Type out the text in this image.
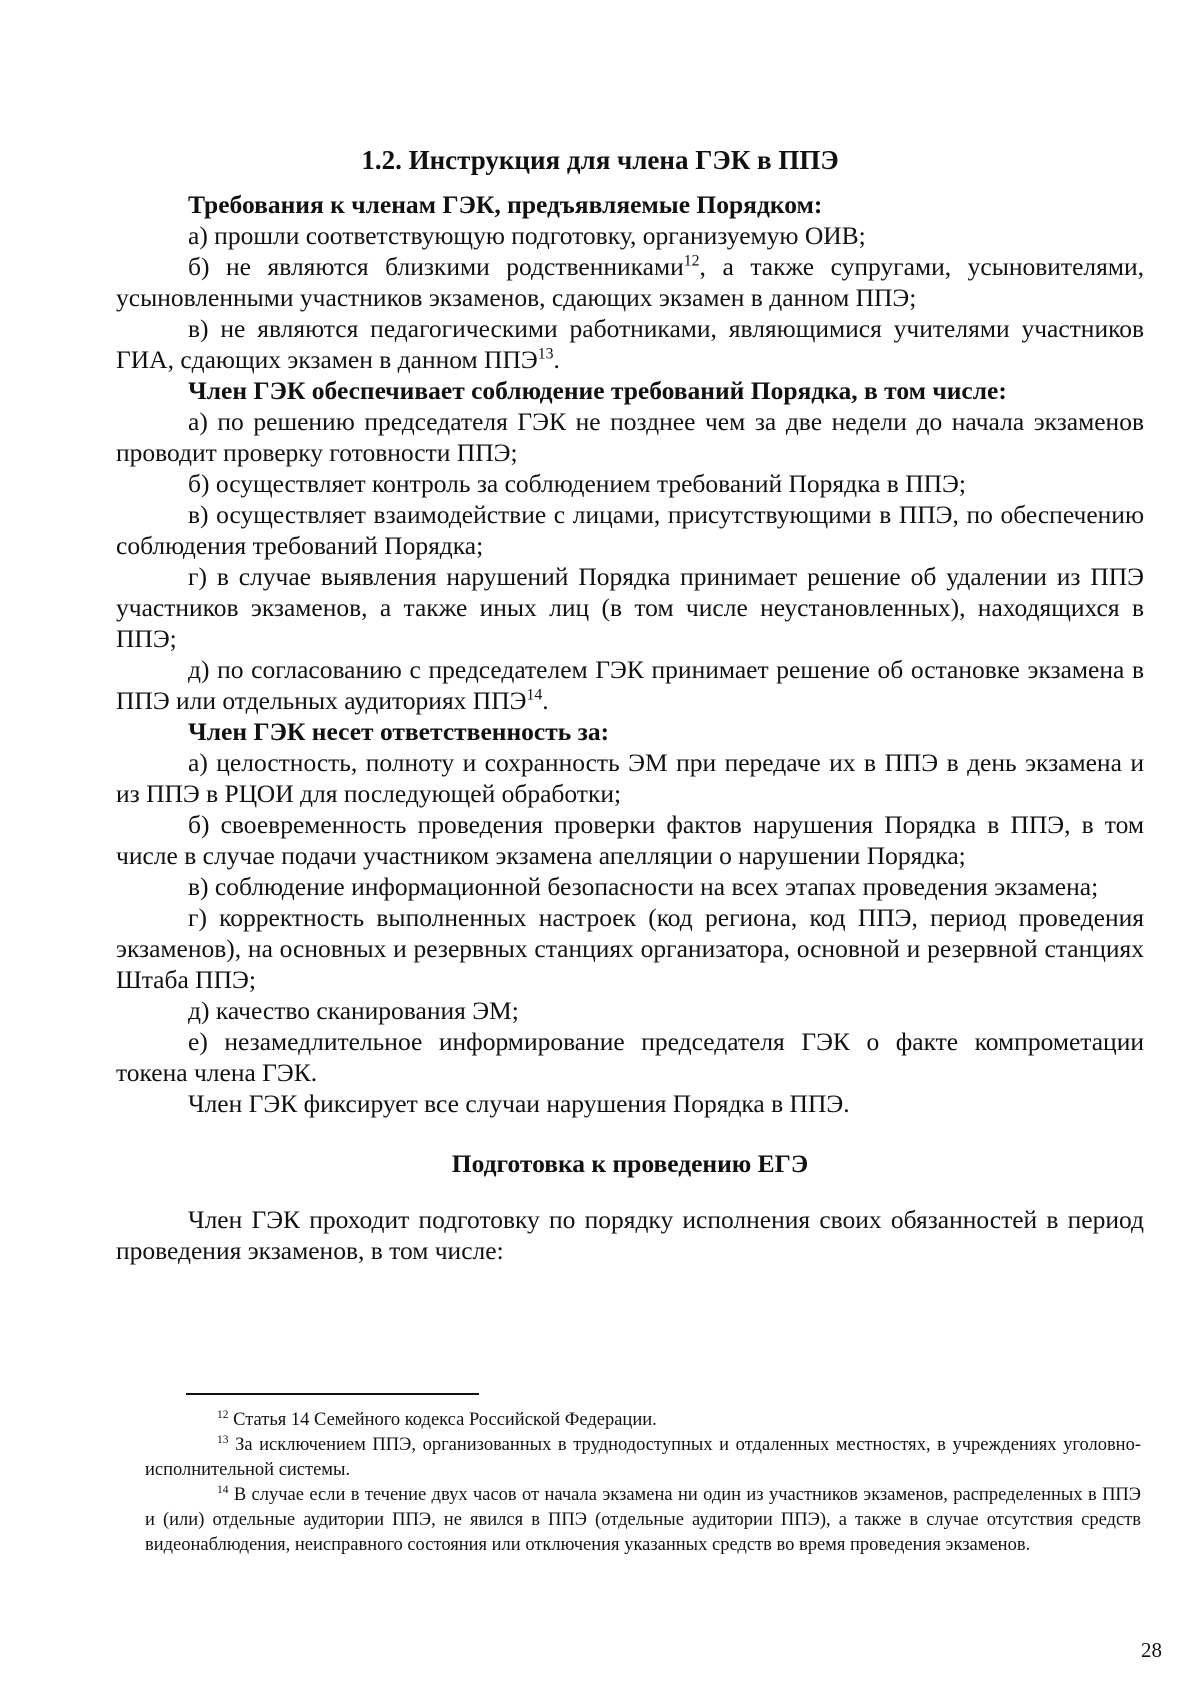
1.2. Инструкция для члена ГЭК в ППЭ

Требования к членам ГЭК, предъявляемые Порядком:

а) прошли соответствующую подготовку, организуемую ОИВ;

б) не являются близкими родственниками$^{12}$, а также супругами, усыновителями, усыновленными участников экзаменов, сдающих экзамен в данном ППЭ;

в) не являются педагогическими работниками, являющимися учителями участников ГИА, сдающих экзамен в данном ППЭ$^{13}$.

Член ГЭК обеспечивает соблюдение требований Порядка, в том числе:

а) по решению председателя ГЭК не позднее чем за две недели до начала экзаменов проводит проверку готовности ППЭ;

б) осуществляет контроль за соблюдением требований Порядка в ППЭ;

в) осуществляет взаимодействие с лицами, присутствующими в ППЭ, по обеспечению соблюдения требований Порядка;

г) в случае выявления нарушений Порядка принимает решение об удалении из ППЭ участников экзаменов, а также иных лиц (в том числе неустановленных), находящихся в ППЭ;

д) по согласованию с председателем ГЭК принимает решение об остановке экзамена в ППЭ или отдельных аудиториях ППЭ$^{14}$.

Член ГЭК несет ответственность за:

а) целостность, полноту и сохранность ЭМ при передаче их в ППЭ в день экзамена и из ППЭ в РЦОИ для последующей обработки;

б) своевременность проведения проверки фактов нарушения Порядка в ППЭ, в том числе в случае подачи участником экзамена апелляции о нарушении Порядка;

в) соблюдение информационной безопасности на всех этапах проведения экзамена;

г) корректность выполненных настроек (код региона, код ППЭ, период проведения экзаменов), на основных и резервных станциях организатора, основной и резервной станциях Штаба ППЭ;

д) качество сканирования ЭМ;

е) незамедлительное информирование председателя ГЭК о факте компрометации токена члена ГЭК.

Член ГЭК фиксирует все случаи нарушения Порядка в ППЭ.

Подготовка к проведению ЕГЭ

Член ГЭК проходит подготовку по порядку исполнения своих обязанностей в период проведения экзаменов, в том числе:

$^{12}$ Статья 14 Семейного кодекса Российской Федерации.

$^{13}$ За исключением ППЭ, организованных в труднодоступных и отдаленных местностях, в учреждениях уголовно-исполнительной системы.

$^{14}$ В случае если в течение двух часов от начала экзамена ни один из участников экзаменов, распределенных в ППЭ и (или) отдельные аудитории ППЭ, не явился в ППЭ (отдельные аудитории ППЭ), а также в случае отсутствия средств видеонаблюдения, неисправного состояния или отключения указанных средств во время проведения экзаменов.

28
